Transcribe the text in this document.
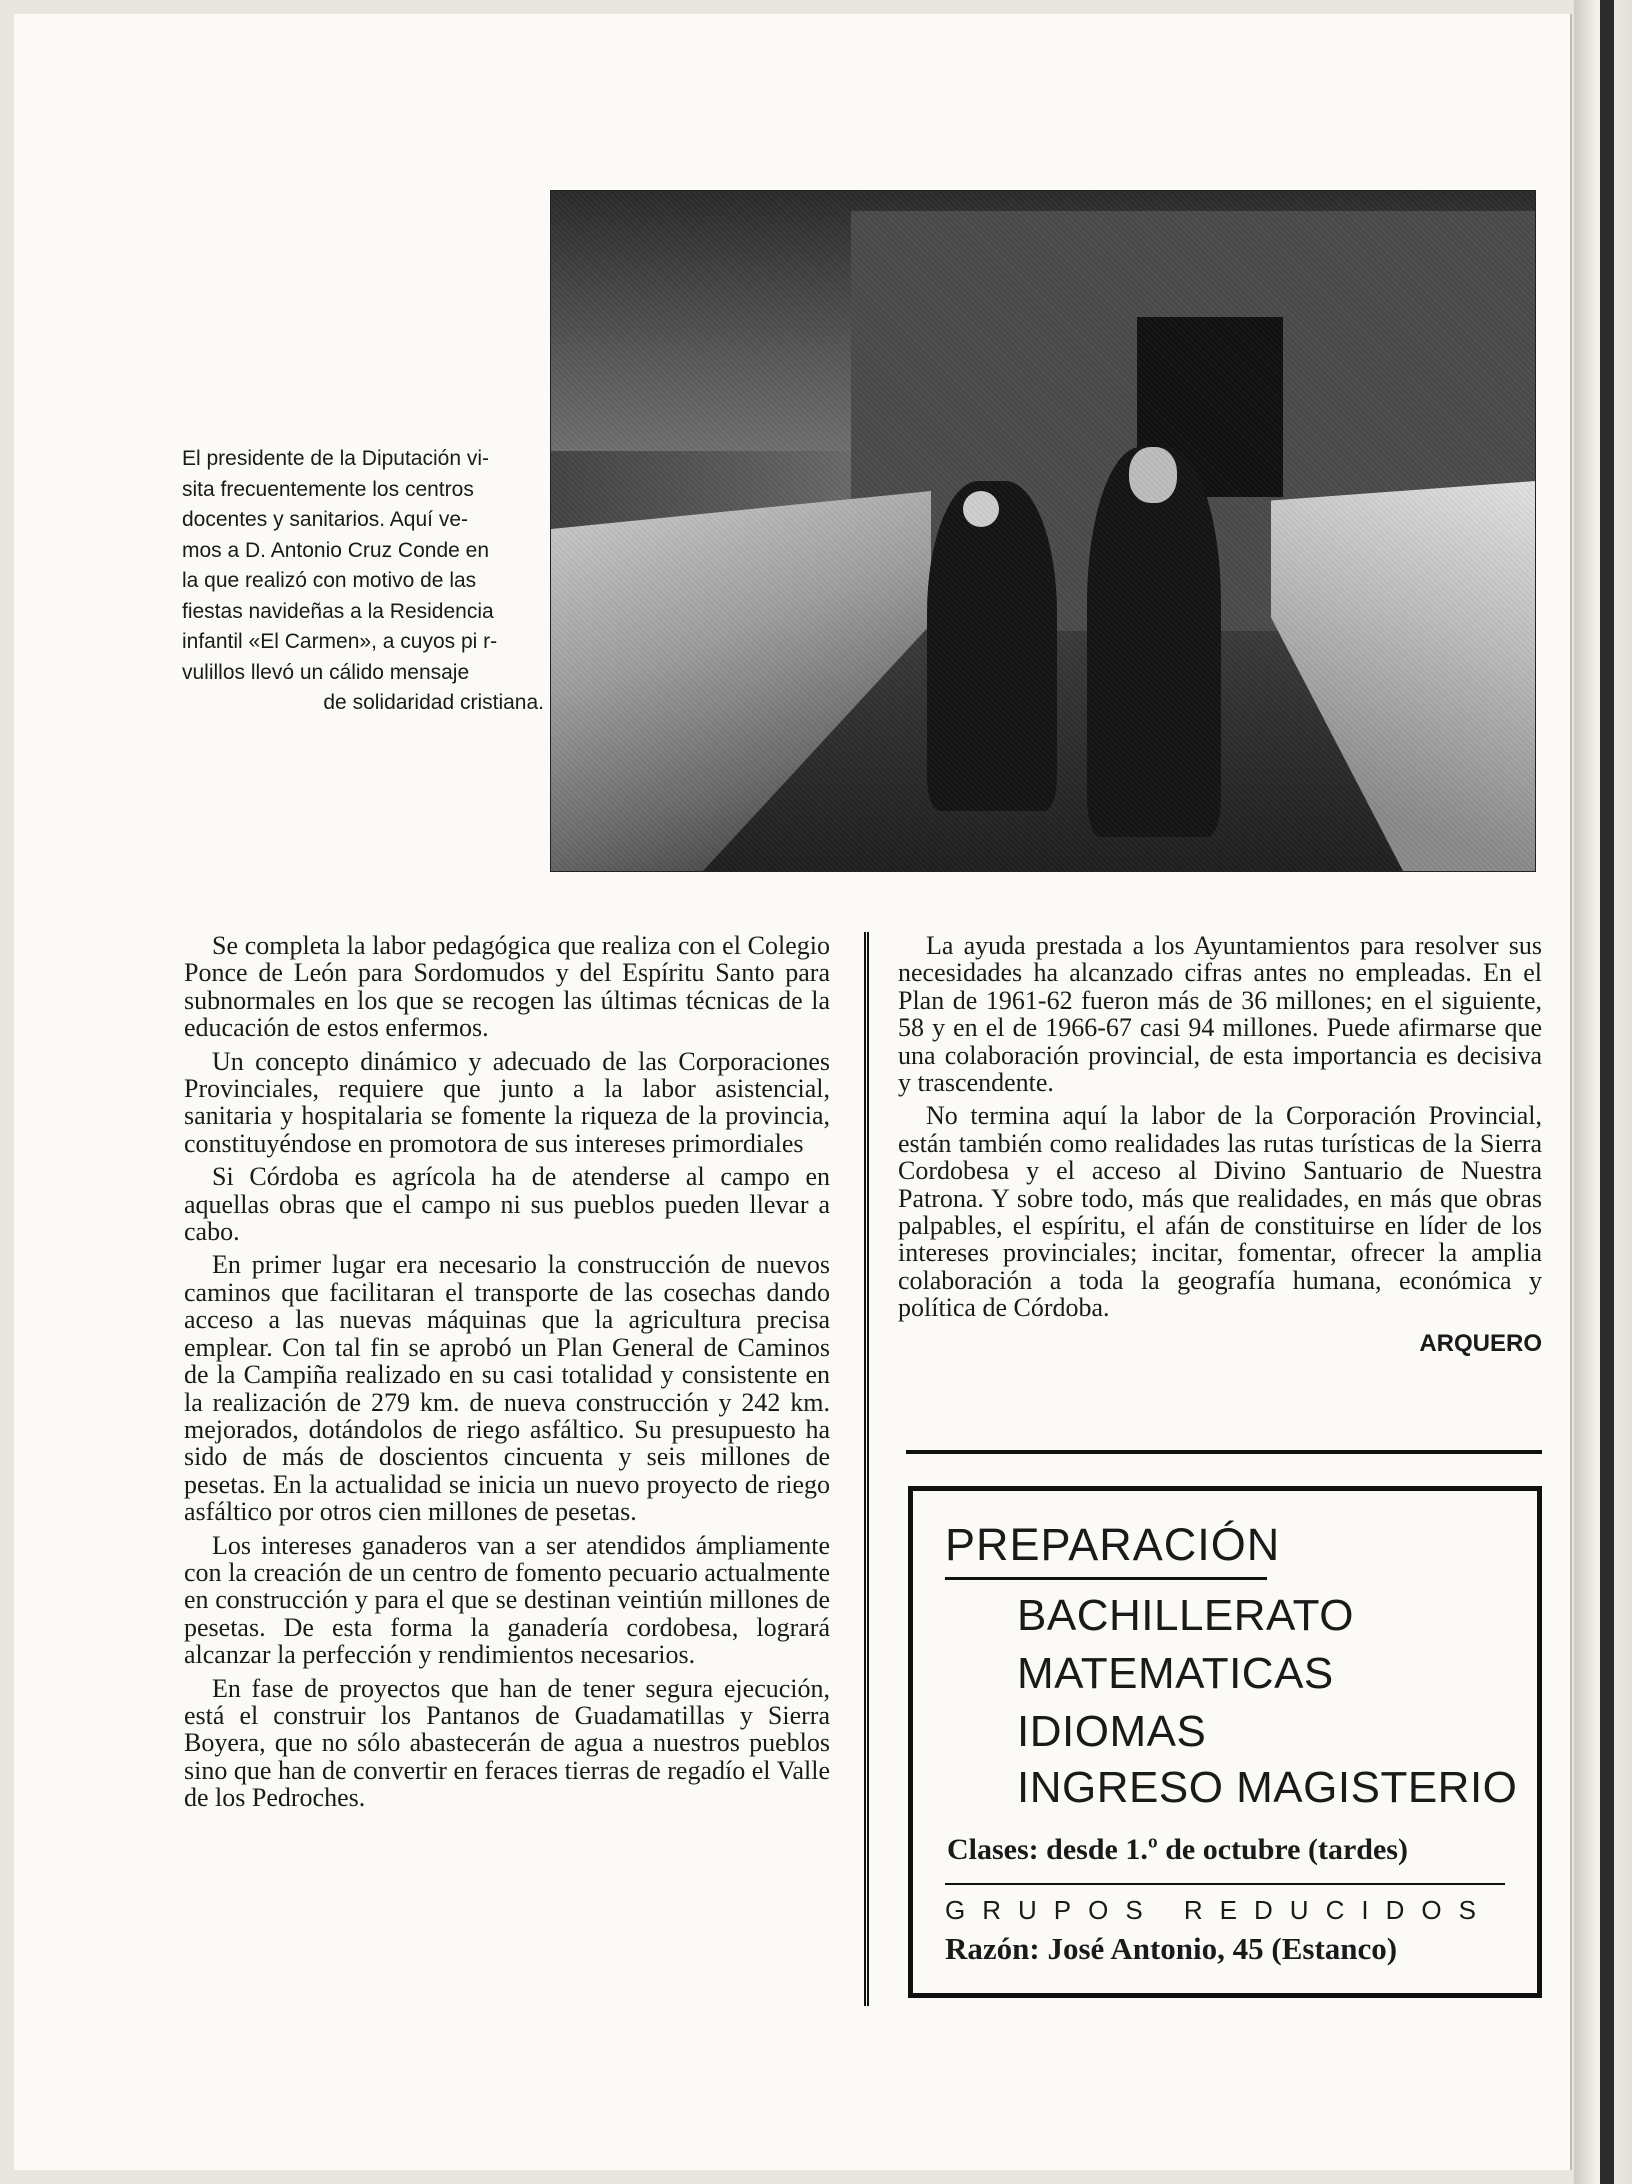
El presidente de la Diputación vi-

sita frecuentemente los centros

docentes y sanitarios. Aquí ve-

mos a D. Antonio Cruz Conde en

la que realizó con motivo de las

fiestas navideñas a la Residencia

infantil «El Carmen», a cuyos pi r-

vulillos llevó un cálido mensaje

de solidaridad cristiana.

Se completa la labor pedagógica que realiza con el Colegio Ponce de León para Sordomudos y del Espíritu Santo para subnormales en los que se recogen las últimas técnicas de la educación de estos enfermos.

Un concepto dinámico y adecuado de las Corporaciones Provinciales, requiere que junto a la labor asistencial, sanitaria y hospitalaria se fomente la riqueza de la provincia, constituyéndose en promotora de sus intereses primordiales

Si Córdoba es agrícola ha de atenderse al campo en aquellas obras que el campo ni sus pueblos pueden llevar a cabo.

En primer lugar era necesario la construcción de nuevos caminos que facilitaran el transporte de las cosechas dando acceso a las nuevas máquinas que la agricultura precisa emplear. Con tal fin se aprobó un Plan General de Caminos de la Campiña realizado en su casi totalidad y consistente en la realización de 279 km. de nueva construcción y 242 km. mejorados, dotándolos de riego asfáltico. Su presupuesto ha sido de más de doscientos cincuenta y seis millones de pesetas. En la actualidad se inicia un nuevo proyecto de riego asfáltico por otros cien millones de pesetas.

Los intereses ganaderos van a ser atendidos ámpliamente con la creación de un centro de fomento pecuario actualmente en construcción y para el que se destinan veintiún millones de pesetas. De esta forma la ganadería cordobesa, logrará alcanzar la perfección y rendimientos necesarios.

En fase de proyectos que han de tener segura ejecución, está el construir los Pantanos de Guadamatillas y Sierra Boyera, que no sólo abastecerán de agua a nuestros pueblos sino que han de convertir en feraces tierras de regadío el Valle de los Pedroches.

La ayuda prestada a los Ayuntamientos para resolver sus necesidades ha alcanzado cifras antes no empleadas. En el Plan de 1961-62 fueron más de 36 millones; en el siguiente, 58 y en el de 1966-67 casi 94 millones. Puede afirmarse que una colaboración provincial, de esta importancia es decisiva y trascendente.

No termina aquí la labor de la Corporación Provincial, están también como realidades las rutas turísticas de la Sierra Cordobesa y el acceso al Divino Santuario de Nuestra Patrona. Y sobre todo, más que realidades, en más que obras palpables, el espíritu, el afán de constituirse en líder de los intereses provinciales; incitar, fomentar, ofrecer la amplia colaboración a toda la geografía humana, económica y política de Córdoba.

ARQUERO
PREPARACIÓN
BACHILLERATO
MATEMATICAS
IDIOMAS
INGRESO MAGISTERIO
Clases: desde 1.º de octubre (tardes)
GRUPOS REDUCIDOS
Razón: José Antonio, 45 (Estanco)
